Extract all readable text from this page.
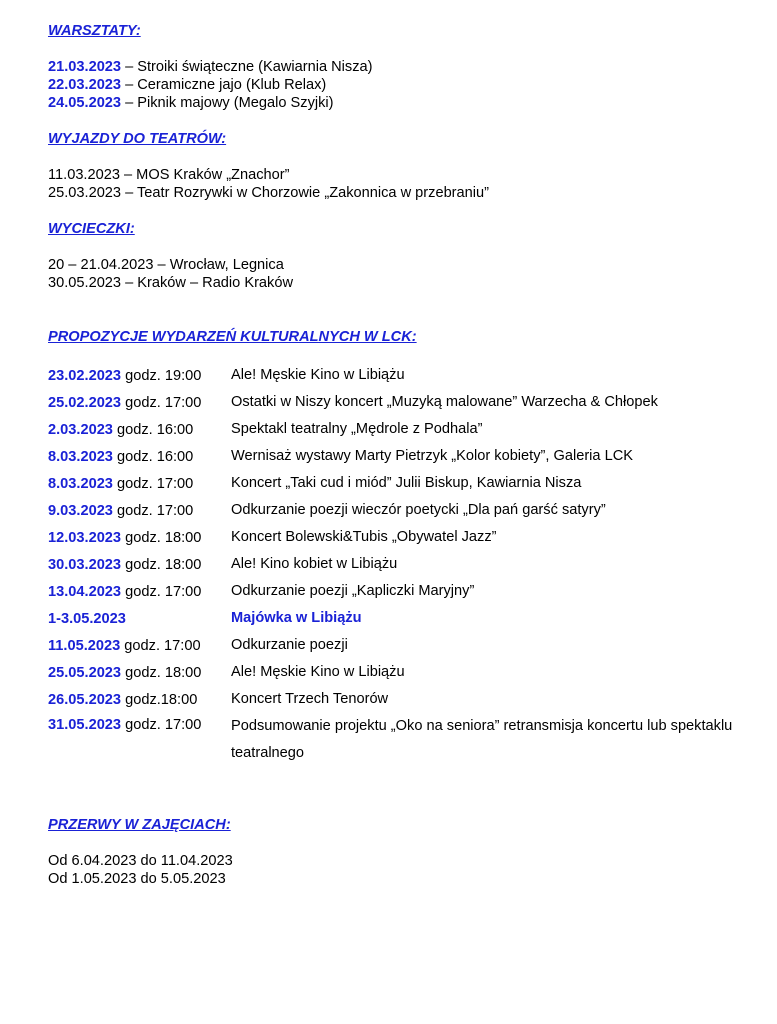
WARSZTATY:

21.03.2023 – Stroiki świąteczne (Kawiarnia Nisza)
22.03.2023 – Ceramiczne jajo (Klub Relax)
24.05.2023 – Piknik majowy (Megalo Szyjki)

WYJAZDY DO TEATRÓW:

11.03.2023 – MOS Kraków „Znachor”
25.03.2023 – Teatr Rozrywki w Chorzowie „Zakonnica w przebraniu”

WYCIECZKI:

20 – 21.04.2023 – Wrocław, Legnica
30.05.2023 – Kraków – Radio Kraków

PROPOZYCJE WYDARZEŃ KULTURALNYCH W LCK:

23.02.2023 godz. 19:00	Ale! Męskie Kino w Libiążu
25.02.2023 godz. 17:00	Ostatki w Niszy koncert „Muzyką malowane” Warzecha & Chłopek
2.03.2023 godz. 16:00	Spektakl teatralny „Mędrole z Podhala”
8.03.2023 godz. 16:00	Wernisaż wystawy Marty Pietrzyk „Kolor kobiety”, Galeria LCK
8.03.2023 godz. 17:00	Koncert „Taki cud i miód” Julii Biskup, Kawiarnia Nisza
9.03.2023 godz. 17:00	Odkurzanie poezji wieczór poetycki „Dla pań garść satyry”
12.03.2023 godz. 18:00	Koncert Bolewski&Tubis „Obywatel Jazz”
30.03.2023 godz. 18:00	Ale! Kino kobiet w Libiążu
13.04.2023 godz. 17:00	Odkurzanie poezji „Kapliczki Maryjny”
1-3.05.2023	Majówka w Libiążu
11.05.2023 godz. 17:00	Odkurzanie poezji
25.05.2023 godz. 18:00	Ale! Męskie Kino w Libiążu
26.05.2023 godz.18:00	Koncert Trzech Tenorów
31.05.2023 godz. 17:00	Podsumowanie projektu „Oko na seniora” retransmisja koncertu lub spektaklu teatralnego

PRZERWY W ZAJĘCIACH:

Od 6.04.2023 do 11.04.2023
Od 1.05.2023 do 5.05.2023
